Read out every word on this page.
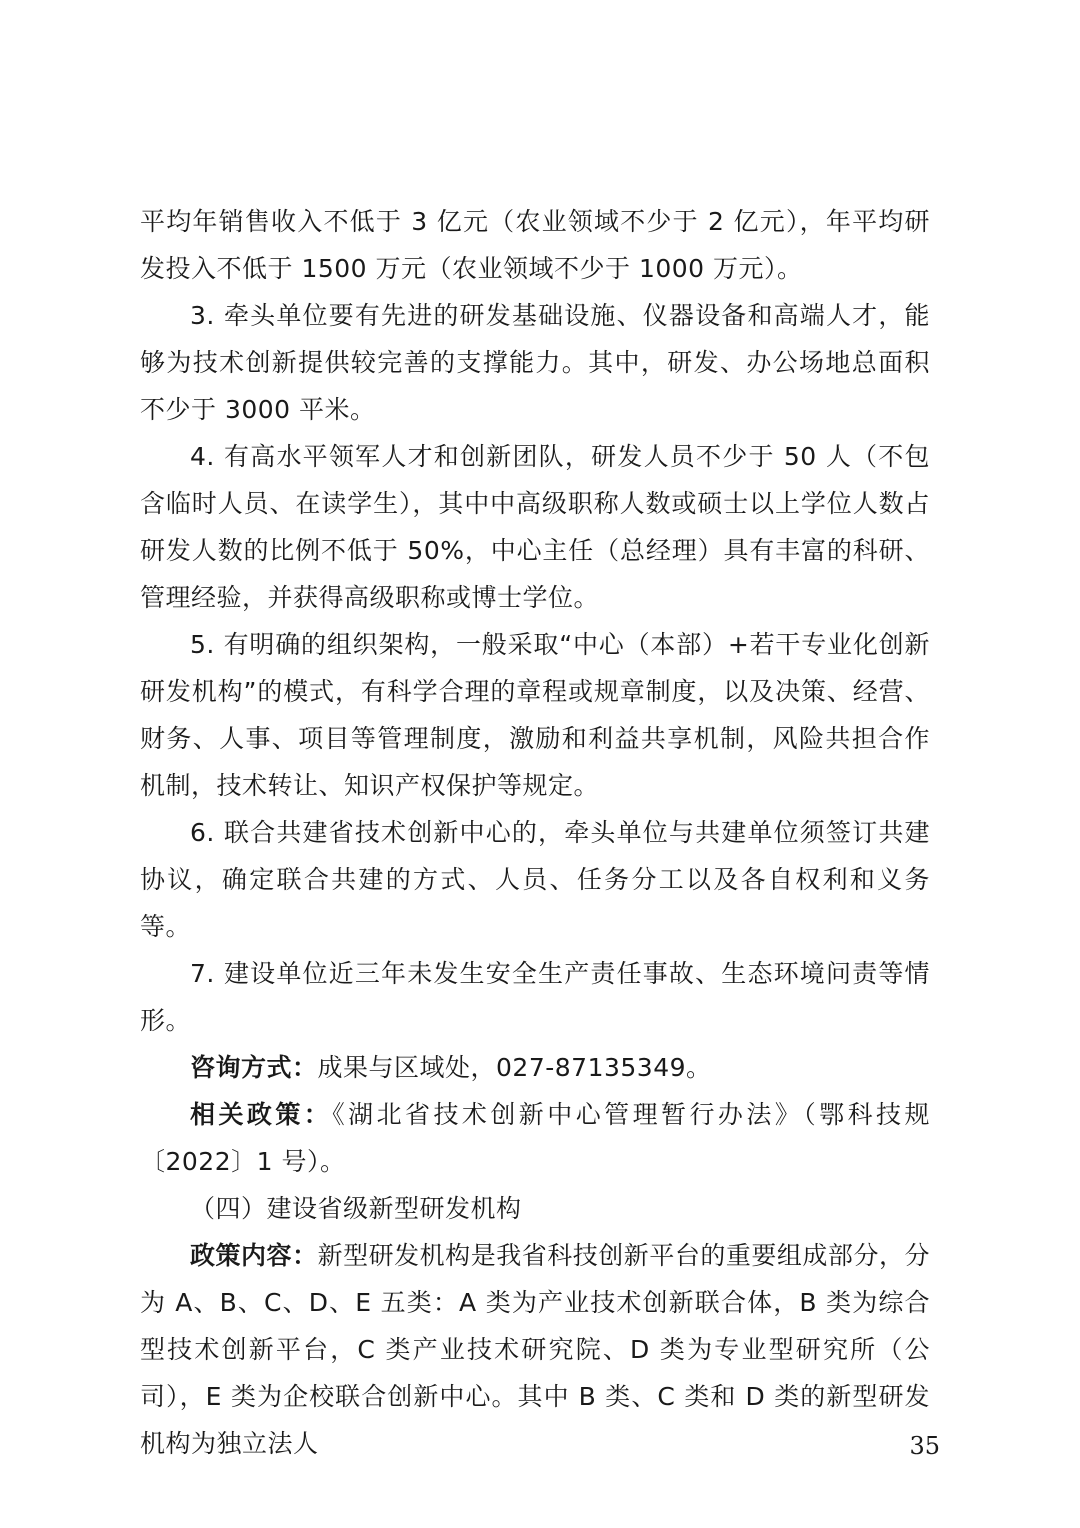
平均年销售收入不低于 3 亿元（农业领域不少于 2 亿元），年平均研发投入不低于 1500 万元（农业领域不少于 1000 万元）。

3. 牵头单位要有先进的研发基础设施、仪器设备和高端人才，能够为技术创新提供较完善的支撑能力。其中，研发、办公场地总面积不少于 3000 平米。

4. 有高水平领军人才和创新团队，研发人员不少于 50 人（不包含临时人员、在读学生），其中中高级职称人数或硕士以上学位人数占研发人数的比例不低于 50%，中心主任（总经理）具有丰富的科研、管理经验，并获得高级职称或博士学位。

5. 有明确的组织架构，一般采取“中心（本部）+若干专业化创新研发机构”的模式，有科学合理的章程或规章制度，以及决策、经营、财务、人事、项目等管理制度，激励和利益共享机制，风险共担合作机制，技术转让、知识产权保护等规定。

6. 联合共建省技术创新中心的，牵头单位与共建单位须签订共建协议，确定联合共建的方式、人员、任务分工以及各自权利和义务等。

7. 建设单位近三年未发生安全生产责任事故、生态环境问责等情形。

咨询方式：成果与区域处，027-87135349。

相关政策：《湖北省技术创新中心管理暂行办法》（鄂科技规〔2022〕1 号）。

（四）建设省级新型研发机构

政策内容：新型研发机构是我省科技创新平台的重要组成部分，分为 A、B、C、D、E 五类：A 类为产业技术创新联合体，B 类为综合型技术创新平台，C 类产业技术研究院、D 类为专业型研究所（公司），E 类为企校联合创新中心。其中 B 类、C 类和 D 类的新型研发机构为独立法人	35
